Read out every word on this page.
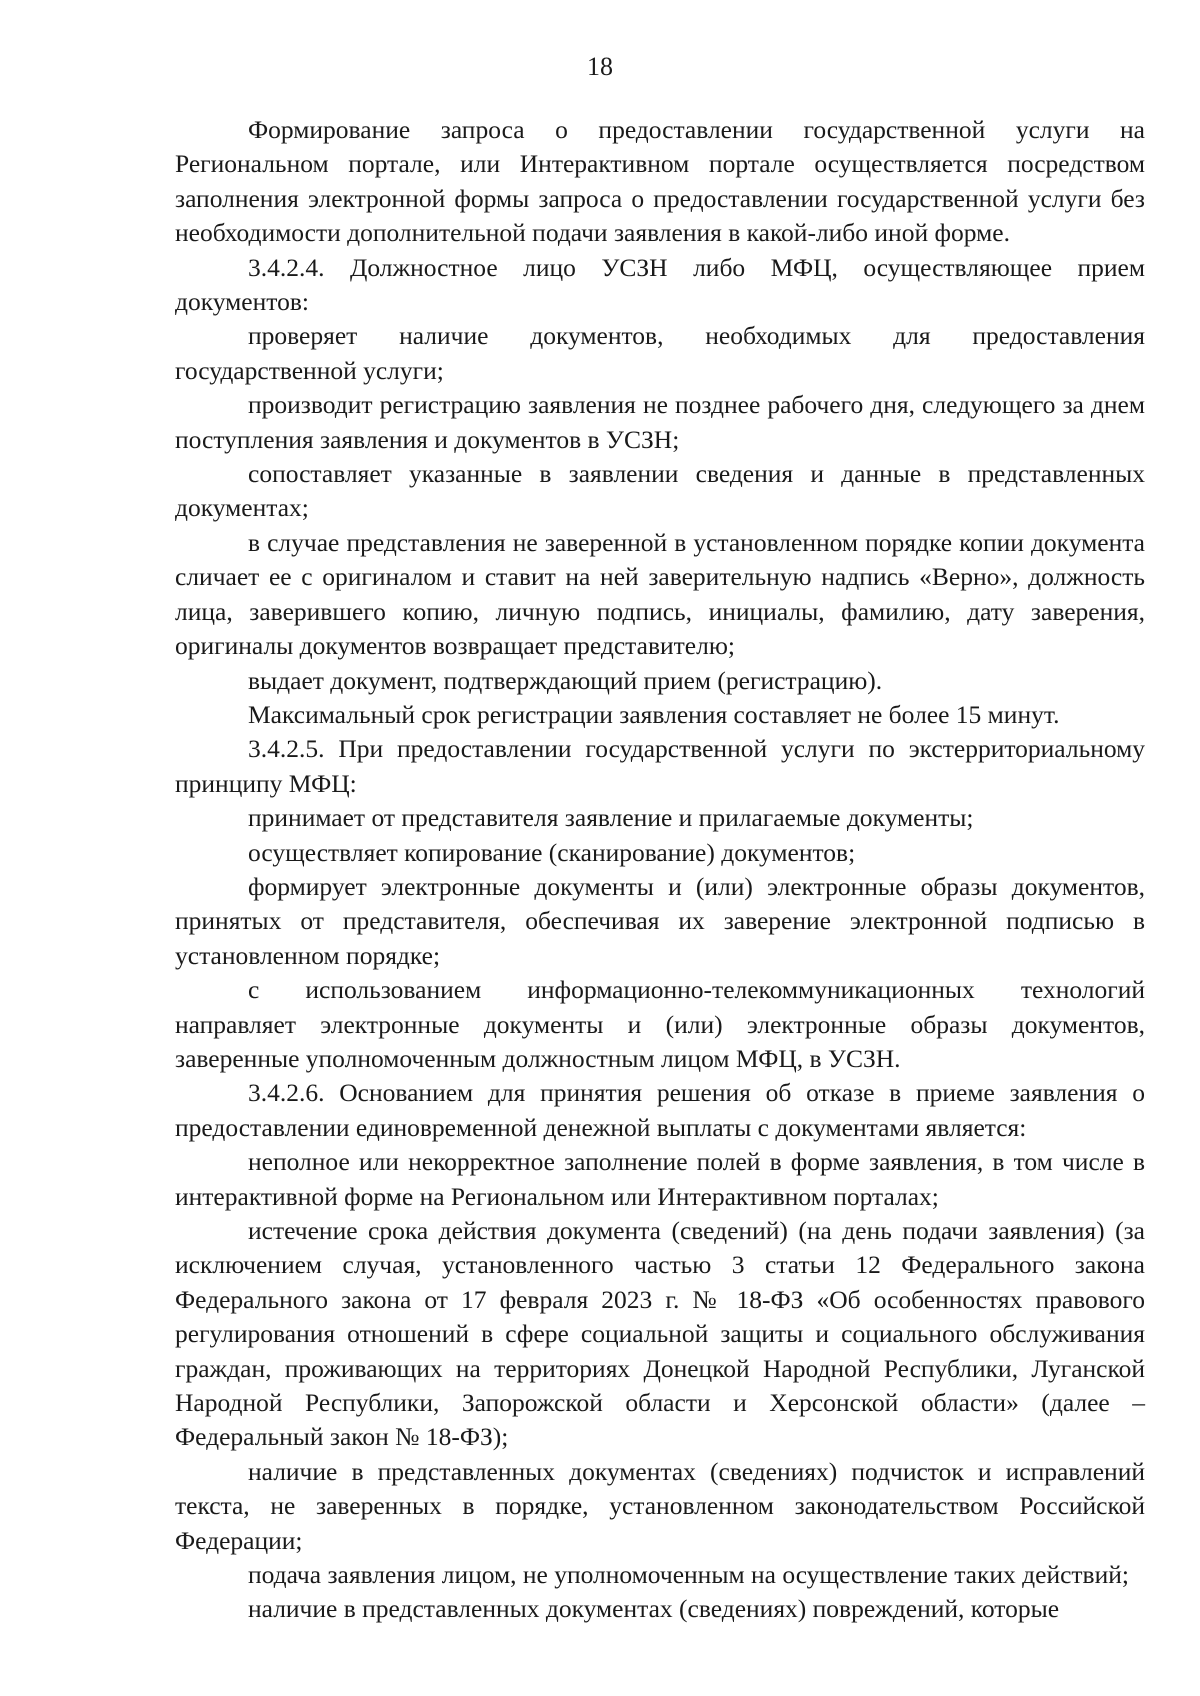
18

Формирование запроса о предоставлении государственной услуги на Региональном портале, или Интерактивном портале осуществляется посредством заполнения электронной формы запроса о предоставлении государственной услуги без необходимости дополнительной подачи заявления в какой-либо иной форме.

3.4.2.4. Должностное лицо УСЗН либо МФЦ, осуществляющее прием документов:

проверяет наличие документов, необходимых для предоставления государственной услуги;

производит регистрацию заявления не позднее рабочего дня, следующего за днем поступления заявления и документов в УСЗН;

сопоставляет указанные в заявлении сведения и данные в представленных документах;

в случае представления не заверенной в установленном порядке копии документа сличает ее с оригиналом и ставит на ней заверительную надпись «Верно», должность лица, заверившего копию, личную подпись, инициалы, фамилию, дату заверения, оригиналы документов возвращает представителю;

выдает документ, подтверждающий прием (регистрацию).

Максимальный срок регистрации заявления составляет не более 15 минут.

3.4.2.5. При предоставлении государственной услуги по экстерриториальному принципу МФЦ:

принимает от представителя заявление и прилагаемые документы;

осуществляет копирование (сканирование) документов;

формирует электронные документы и (или) электронные образы документов, принятых от представителя, обеспечивая их заверение электронной подписью в установленном порядке;

с использованием информационно-телекоммуникационных технологий направляет электронные документы и (или) электронные образы документов, заверенные уполномоченным должностным лицом МФЦ, в УСЗН.

3.4.2.6. Основанием для принятия решения об отказе в приеме заявления о предоставлении единовременной денежной выплаты с документами является:

неполное или некорректное заполнение полей в форме заявления, в том числе в интерактивной форме на Региональном или Интерактивном порталах;

истечение срока действия документа (сведений) (на день подачи заявления) (за исключением случая, установленного частью 3 статьи 12 Федерального закона Федерального закона от 17 февраля 2023 г. № 18-ФЗ «Об особенностях правового регулирования отношений в сфере социальной защиты и социального обслуживания граждан, проживающих на территориях Донецкой Народной Республики, Луганской Народной Республики, Запорожской области и Херсонской области» (далее – Федеральный закон № 18-ФЗ);

наличие в представленных документах (сведениях) подчисток и исправлений текста, не заверенных в порядке, установленном законодательством Российской Федерации;

подача заявления лицом, не уполномоченным на осуществление таких действий;

наличие в представленных документах (сведениях) повреждений, которые
